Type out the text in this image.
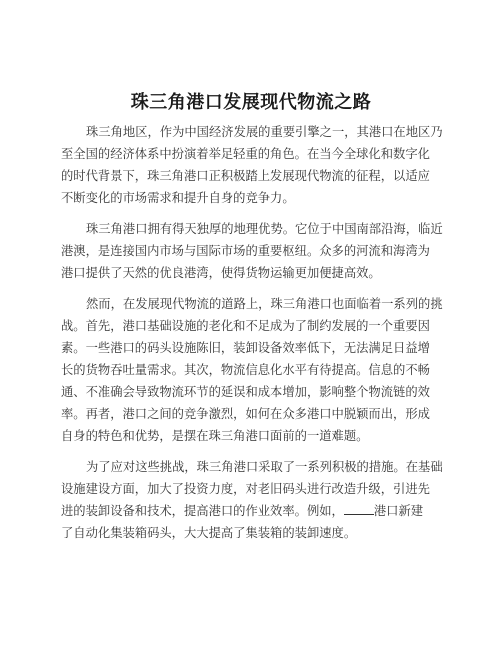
珠三角港口发展现代物流之路
珠三角地区，作为中国经济发展的重要引擎之一，其港口在地区乃
至全国的经济体系中扮演着举足轻重的角色。在当今全球化和数字化
的时代背景下，珠三角港口正积极踏上发展现代物流的征程，以适应
不断变化的市场需求和提升自身的竞争力。
珠三角港口拥有得天独厚的地理优势。它位于中国南部沿海，临近
港澳，是连接国内市场与国际市场的重要枢纽。众多的河流和海湾为
港口提供了天然的优良港湾，使得货物运输更加便捷高效。
然而，在发展现代物流的道路上，珠三角港口也面临着一系列的挑
战。首先，港口基础设施的老化和不足成为了制约发展的一个重要因
素。一些港口的码头设施陈旧，装卸设备效率低下，无法满足日益增
长的货物吞吐量需求。其次，物流信息化水平有待提高。信息的不畅
通、不准确会导致物流环节的延误和成本增加，影响整个物流链的效
率。再者，港口之间的竞争激烈，如何在众多港口中脱颖而出，形成
自身的特色和优势，是摆在珠三角港口面前的一道难题。
为了应对这些挑战，珠三角港口采取了一系列积极的措施。在基础
设施建设方面，加大了投资力度，对老旧码头进行改造升级，引进先
进的装卸设备和技术，提高港口的作业效率。例如， 港口新建
了自动化集装箱码头，大大提高了集装箱的装卸速度。
